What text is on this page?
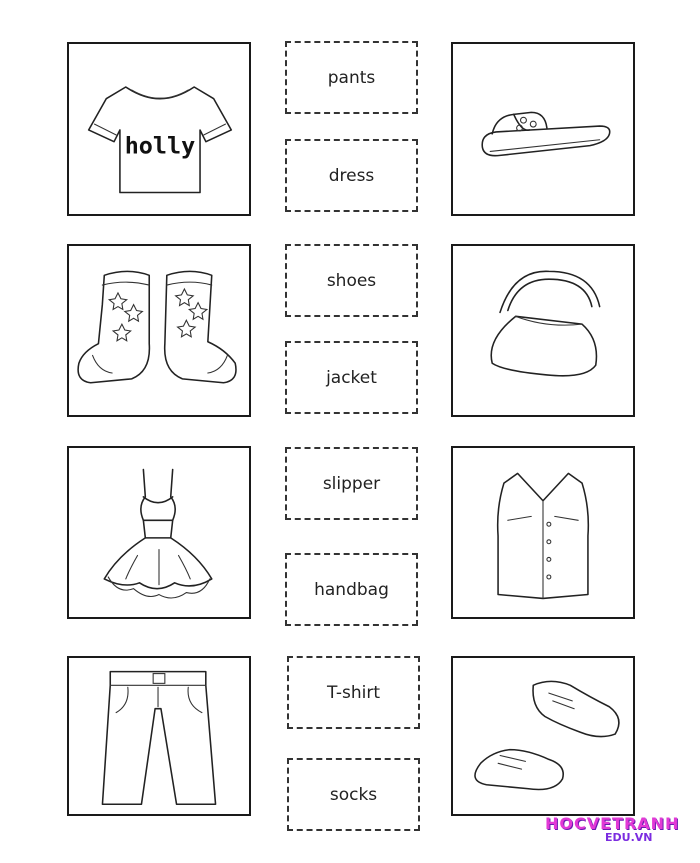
holly
pants
dress
shoes
jacket
slipper
handbag
T-shirt
socks
HOCVETRANH
EDU.VN
